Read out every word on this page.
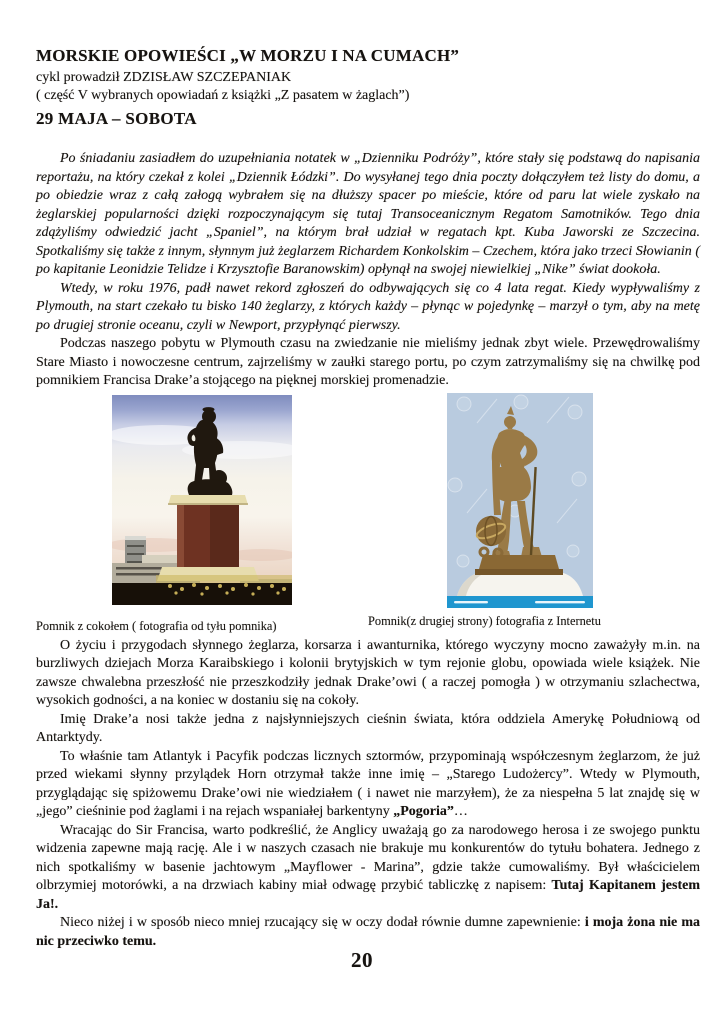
MORSKIE OPOWIEŚCI „W MORZU I NA CUMACH”
cykl prowadził ZDZISŁAW SZCZEPANIAK
( część V wybranych opowiadań z książki „Z pasatem w żaglach”)
29 MAJA – SOBOTA

Po śniadaniu zasiadłem do uzupełniania notatek w „Dzienniku Podróży”, które stały się podstawą do napisania reportażu, na który czekał z kolei „Dziennik Łódzki”. Do wysyłanej tego dnia poczty dołączyłem też listy do domu, a po obiedzie wraz z całą załogą wybrałem się na dłuższy spacer po mieście, które od paru lat wiele zyskało na żeglarskiej popularności dzięki rozpoczynającym się tutaj Transoceanicznym Regatom Samotników. Tego dnia zdążyliśmy odwiedzić jacht „Spaniel”, na którym brał udział w regatach kpt. Kuba Jaworski ze Szczecina. Spotkaliśmy się także z innym, słynnym już żeglarzem Richardem Konkolskim – Czechem, która jako trzeci Słowianin ( po kapitanie Leonidzie Telidze i Krzysztofie Baranowskim) opłynął na swojej niewielkiej „Nike” świat dookoła.

Wtedy, w roku 1976, padł nawet rekord zgłoszeń do odbywających się co 4 lata regat. Kiedy wypływaliśmy z Plymouth, na start czekało tu bisko 140 żeglarzy, z których każdy – płynąc w pojedynkę – marzył o tym, aby na metę po drugiej stronie oceanu, czyli w Newport, przypłynąć pierwszy.

Podczas naszego pobytu w Plymouth czasu na zwiedzanie nie mieliśmy jednak zbyt wiele. Przewędrowaliśmy Stare Miasto i nowoczesne centrum, zajrzeliśmy w zaułki starego portu, po czym zatrzymaliśmy się na chwilkę pod pomnikiem Francisa Drake’a stojącego na pięknej morskiej promenadzie.

Pomnik z cokołem ( fotografia od tyłu pomnika)	Pomnik(z drugiej strony) fotografia z Internetu

O życiu i przygodach słynnego żeglarza, korsarza i awanturnika, którego wyczyny mocno zaważyły m.in. na burzliwych dziejach Morza Karaibskiego i kolonii brytyjskich w tym rejonie globu, opowiada wiele książek. Nie zawsze chwalebna przeszłość nie przeszkodziły jednak Drake’owi ( a raczej pomogła ) w otrzymaniu szlachectwa, wysokich godności, a na koniec w dostaniu się na cokoły.

Imię Drake’a nosi także jedna z najsłynniejszych cieśnin świata, która oddziela Amerykę Południową od Antarktydy.

To właśnie tam Atlantyk i Pacyfik podczas licznych sztormów, przypominają współczesnym żeglarzom, że już przed wiekami słynny przylądek Horn otrzymał także inne imię – „Starego Ludożercy”. Wtedy w Plymouth, przyglądając się spiżowemu Drake’owi nie wiedziałem ( i nawet nie marzyłem), że za niespełna 5 lat znajdę się w „jego” cieśninie pod żaglami i na rejach wspaniałej barkentyny „Pogoria”…

Wracając do Sir Francisa, warto podkreślić, że Anglicy uważają go za narodowego herosa i ze swojego punktu widzenia zapewne mają rację. Ale i w naszych czasach nie brakuje mu konkurentów do tytułu bohatera. Jednego z nich spotkaliśmy w basenie jachtowym „Mayflower - Marina”, gdzie także cumowaliśmy. Był właścicielem olbrzymiej motorówki, a na drzwiach kabiny miał odwagę przybić tabliczkę z napisem: Tutaj Kapitanem jestem Ja!.

Nieco niżej i w sposób nieco mniej rzucający się w oczy dodał równie dumne zapewnienie: i moja żona nie ma nic przeciwko temu.

20
